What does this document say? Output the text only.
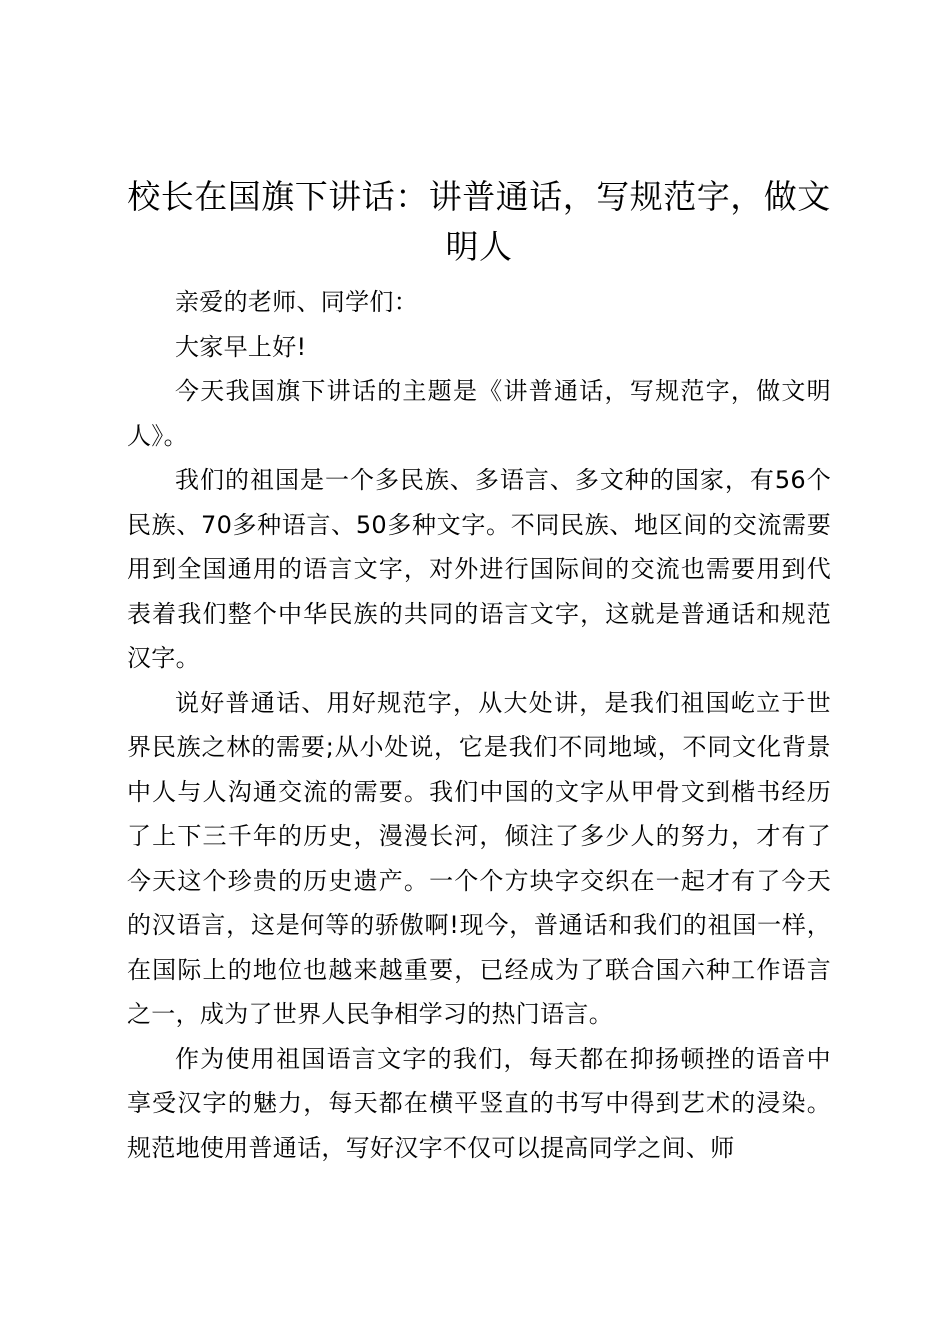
校长在国旗下讲话：讲普通话，写规范字，做文明人

亲爱的老师、同学们：

大家早上好!

今天我国旗下讲话的主题是《讲普通话，写规范字，做文明人》。

我们的祖国是一个多民族、多语言、多文种的国家，有56个民族、70多种语言、50多种文字。不同民族、地区间的交流需要用到全国通用的语言文字，对外进行国际间的交流也需要用到代表着我们整个中华民族的共同的语言文字，这就是普通话和规范汉字。

说好普通话、用好规范字，从大处讲，是我们祖国屹立于世界民族之林的需要;从小处说，它是我们不同地域，不同文化背景中人与人沟通交流的需要。我们中国的文字从甲骨文到楷书经历了上下三千年的历史，漫漫长河，倾注了多少人的努力，才有了今天这个珍贵的历史遗产。一个个方块字交织在一起才有了今天的汉语言，这是何等的骄傲啊!现今，普通话和我们的祖国一样，在国际上的地位也越来越重要，已经成为了联合国六种工作语言之一，成为了世界人民争相学习的热门语言。

作为使用祖国语言文字的我们，每天都在抑扬顿挫的语音中享受汉字的魅力，每天都在横平竖直的书写中得到艺术的浸染。规范地使用普通话，写好汉字不仅可以提高同学之间、师
